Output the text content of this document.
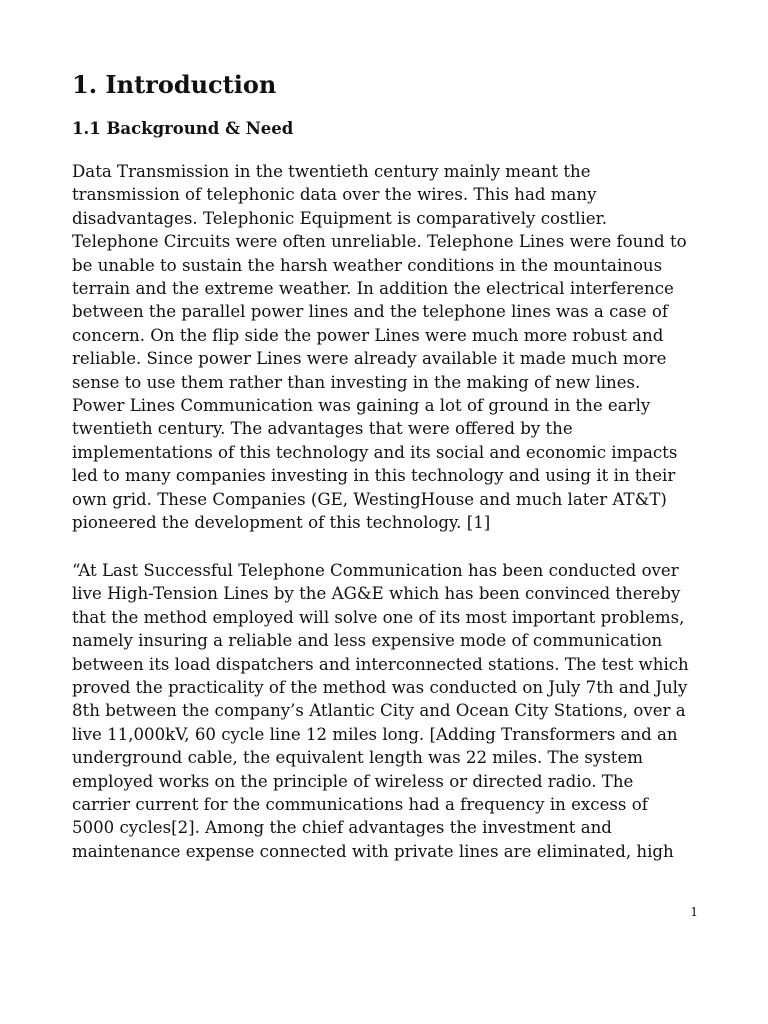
1. Introduction
1.1 Background & Need
Data Transmission in the twentieth century mainly meant the
transmission of telephonic data over the wires. This had many
disadvantages. Telephonic Equipment is comparatively costlier.
Telephone Circuits were often unreliable. Telephone Lines were found to
be unable to sustain the harsh weather conditions in the mountainous
terrain and the extreme weather. In addition the electrical interference
between the parallel power lines and the telephone lines was a case of
concern. On the flip side the power Lines were much more robust and
reliable. Since power Lines were already available it made much more
sense to use them rather than investing in the making of new lines.
Power Lines Communication was gaining a lot of ground in the early
twentieth century. The advantages that were offered by the
implementations of this technology and its social and economic impacts
led to many companies investing in this technology and using it in their
own grid. These Companies (GE, WestingHouse and much later AT&T)
pioneered the development of this technology. [1]
“At Last Successful Telephone Communication has been conducted over
live High-Tension Lines by the AG&E which has been convinced thereby
that the method employed will solve one of its most important problems,
namely insuring a reliable and less expensive mode of communication
between its load dispatchers and interconnected stations. The test which
proved the practicality of the method was conducted on July 7th and July
8th between the company’s Atlantic City and Ocean City Stations, over a
live 11,000kV, 60 cycle line 12 miles long. [Adding Transformers and an
underground cable, the equivalent length was 22 miles. The system
employed works on the principle of wireless or directed radio. The
carrier current for the communications had a frequency in excess of
5000 cycles[2]. Among the chief advantages the investment and
maintenance expense connected with private lines are eliminated, high
1
